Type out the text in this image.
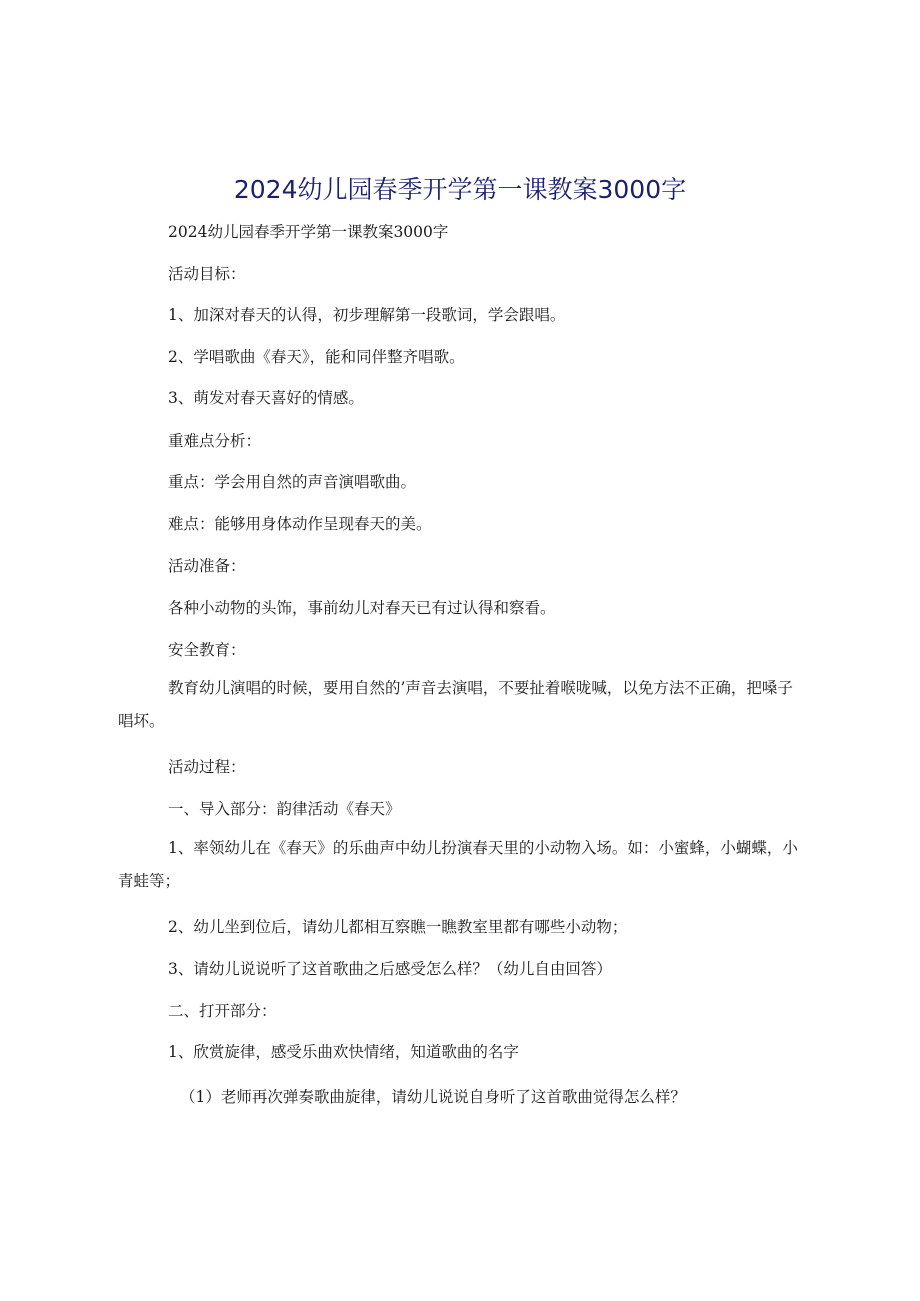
2024幼儿园春季开学第一课教案3000字

2024幼儿园春季开学第一课教案3000字

活动目标：

1、加深对春天的认得，初步理解第一段歌词，学会跟唱。

2、学唱歌曲《春天》，能和同伴整齐唱歌。

3、萌发对春天喜好的情感。

重难点分析：

重点：学会用自然的声音演唱歌曲。

难点：能够用身体动作呈现春天的美。

活动准备：

各种小动物的头饰，事前幼儿对春天已有过认得和察看。

安全教育：

教育幼儿演唱的时候，要用自然的’声音去演唱，不要扯着喉咙喊，以免方法不正确，把嗓子唱坏。

活动过程：

一、导入部分：韵律活动《春天》

1、率领幼儿在《春天》的乐曲声中幼儿扮演春天里的小动物入场。如：小蜜蜂，小蝴蝶，小青蛙等；

2、幼儿坐到位后，请幼儿都相互察瞧一瞧教室里都有哪些小动物；

3、请幼儿说说听了这首歌曲之后感受怎么样？（幼儿自由回答）

二、打开部分：

1、欣赏旋律，感受乐曲欢快情绪，知道歌曲的名字

（1）老师再次弹奏歌曲旋律，请幼儿说说自身听了这首歌曲觉得怎么样？
